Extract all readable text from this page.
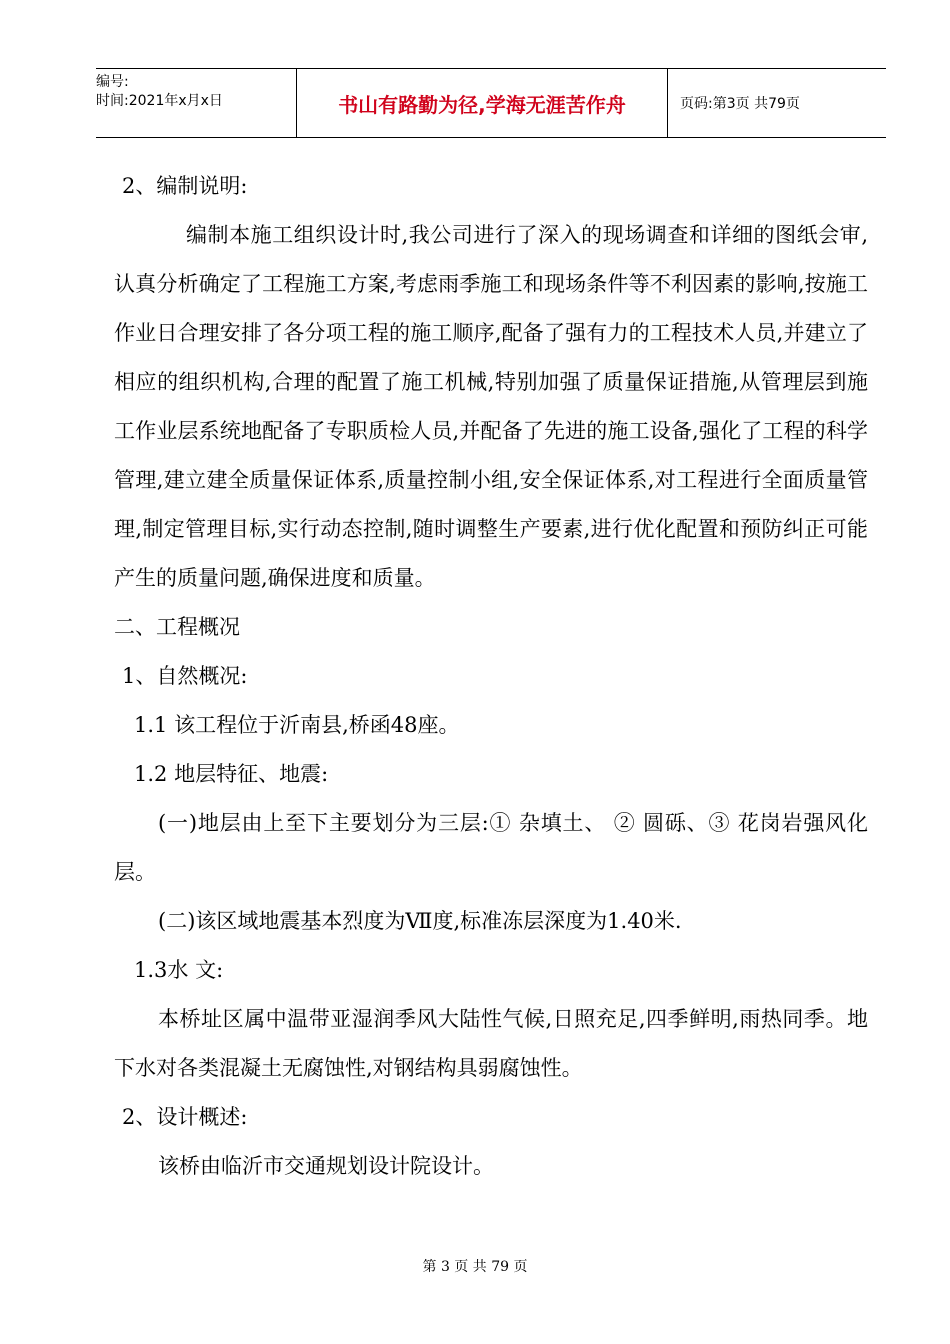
编号:
时间:2021年x月x日	书山有路勤为径,学海无涯苦作舟	页码:第3页 共79页

2、编制说明:

编制本施工组织设计时,我公司进行了深入的现场调查和详细的图纸会审,认真分析确定了工程施工方案,考虑雨季施工和现场条件等不利因素的影响,按施工作业日合理安排了各分项工程的施工顺序,配备了强有力的工程技术人员,并建立了相应的组织机构,合理的配置了施工机械,特别加强了质量保证措施,从管理层到施工作业层系统地配备了专职质检人员,并配备了先进的施工设备,强化了工程的科学管理,建立建全质量保证体系,质量控制小组,安全保证体系,对工程进行全面质量管理,制定管理目标,实行动态控制,随时调整生产要素,进行优化配置和预防纠正可能产生的质量问题,确保进度和质量。

二、工程概况

1、自然概况:

1.1 该工程位于沂南县,桥函48座。

1.2 地层特征、地震:

(一)地层由上至下主要划分为三层:① 杂填土、 ② 圆砾、③ 花岗岩强风化层。

(二)该区域地震基本烈度为Ⅶ度,标准冻层深度为1.40米.

1.3水 文:

本桥址区属中温带亚湿润季风大陆性气候,日照充足,四季鲜明,雨热同季。地下水对各类混凝土无腐蚀性,对钢结构具弱腐蚀性。

2、设计概述:

该桥由临沂市交通规划设计院设计。

第 3 页 共 79 页
